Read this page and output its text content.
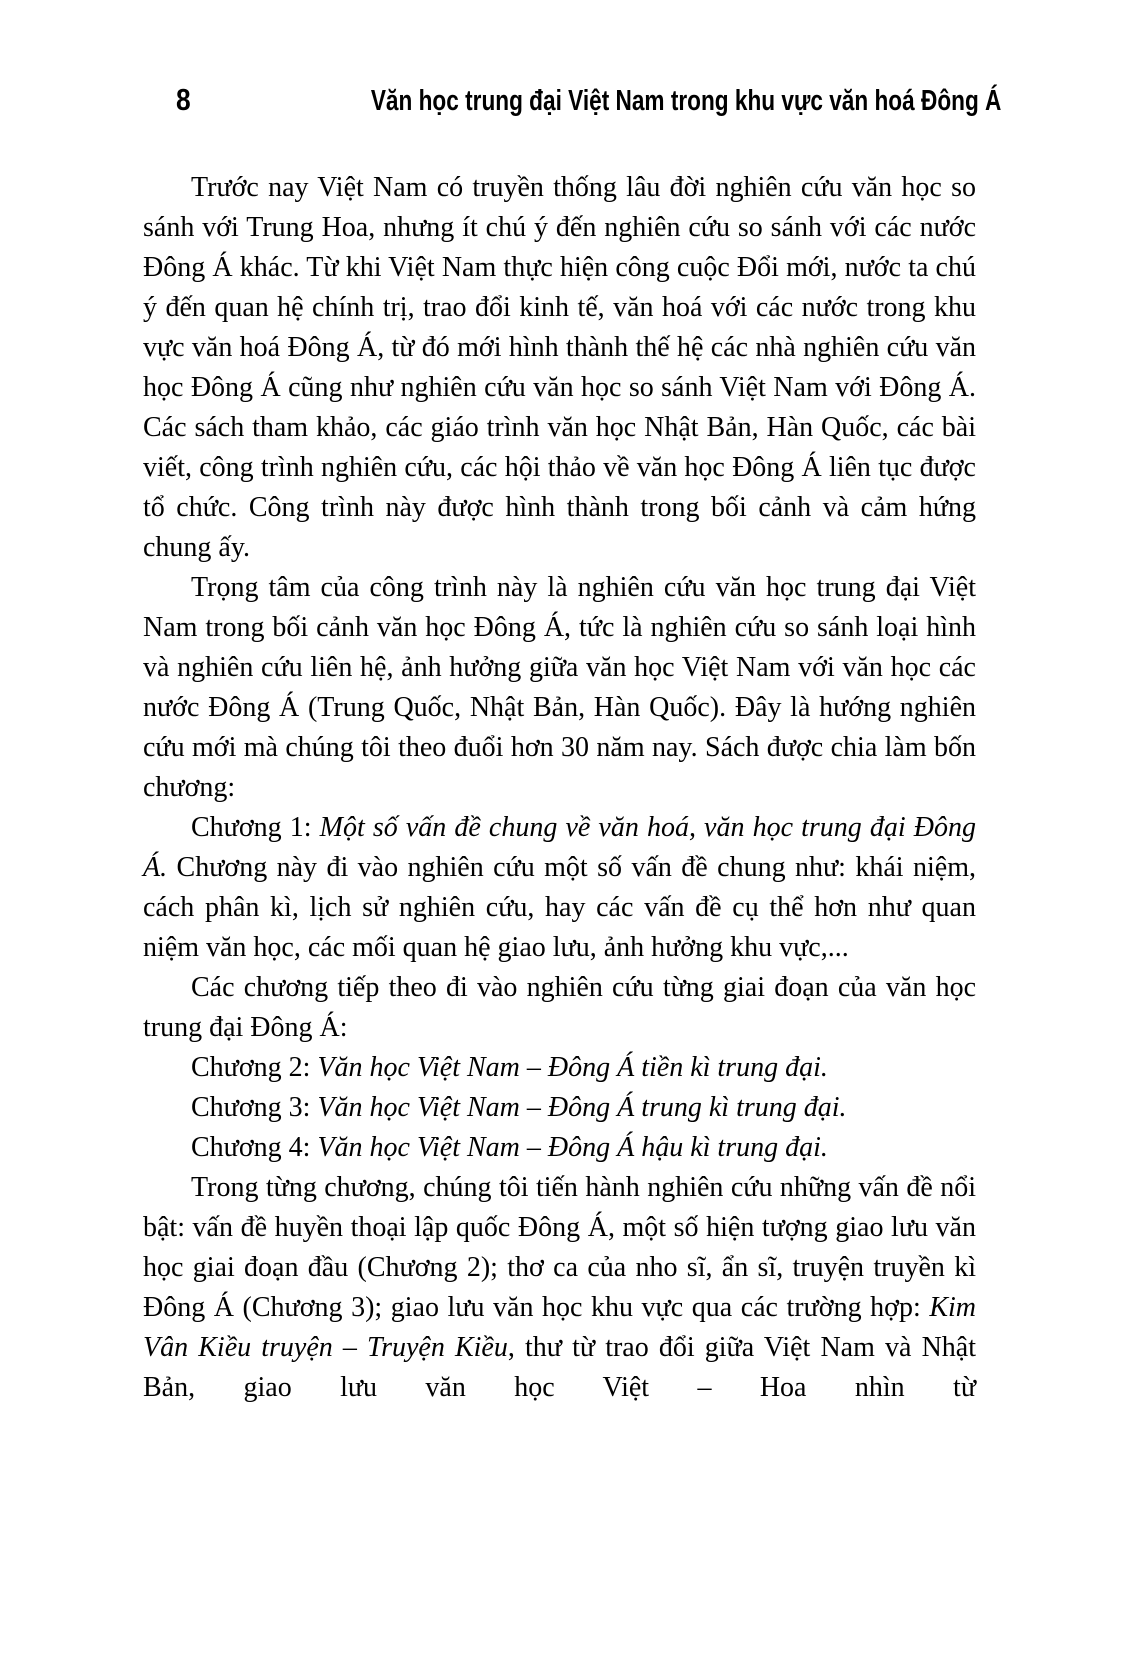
8	Văn học trung đại Việt Nam trong khu vực văn hoá Đông Á

Trước nay Việt Nam có truyền thống lâu đời nghiên cứu văn học so sánh với Trung Hoa, nhưng ít chú ý đến nghiên cứu so sánh với các nước Đông Á khác. Từ khi Việt Nam thực hiện công cuộc Đổi mới, nước ta chú ý đến quan hệ chính trị, trao đổi kinh tế, văn hoá với các nước trong khu vực văn hoá Đông Á, từ đó mới hình thành thế hệ các nhà nghiên cứu văn học Đông Á cũng như nghiên cứu văn học so sánh Việt Nam với Đông Á. Các sách tham khảo, các giáo trình văn học Nhật Bản, Hàn Quốc, các bài viết, công trình nghiên cứu, các hội thảo về văn học Đông Á liên tục được tổ chức. Công trình này được hình thành trong bối cảnh và cảm hứng chung ấy.

Trọng tâm của công trình này là nghiên cứu văn học trung đại Việt Nam trong bối cảnh văn học Đông Á, tức là nghiên cứu so sánh loại hình và nghiên cứu liên hệ, ảnh hưởng giữa văn học Việt Nam với văn học các nước Đông Á (Trung Quốc, Nhật Bản, Hàn Quốc). Đây là hướng nghiên cứu mới mà chúng tôi theo đuổi hơn 30 năm nay. Sách được chia làm bốn chương:

Chương 1: Một số vấn đề chung về văn hoá, văn học trung đại Đông Á. Chương này đi vào nghiên cứu một số vấn đề chung như: khái niệm, cách phân kì, lịch sử nghiên cứu, hay các vấn đề cụ thể hơn như quan niệm văn học, các mối quan hệ giao lưu, ảnh hưởng khu vực,...

Các chương tiếp theo đi vào nghiên cứu từng giai đoạn của văn học trung đại Đông Á:

Chương 2: Văn học Việt Nam – Đông Á tiền kì trung đại.

Chương 3: Văn học Việt Nam – Đông Á trung kì trung đại.

Chương 4: Văn học Việt Nam – Đông Á hậu kì trung đại.

Trong từng chương, chúng tôi tiến hành nghiên cứu những vấn đề nổi bật: vấn đề huyền thoại lập quốc Đông Á, một số hiện tượng giao lưu văn học giai đoạn đầu (Chương 2); thơ ca của nho sĩ, ẩn sĩ, truyện truyền kì Đông Á (Chương 3); giao lưu văn học khu vực qua các trường hợp: Kim Vân Kiều truyện – Truyện Kiều, thư từ trao đổi giữa Việt Nam và Nhật Bản, giao lưu văn học Việt – Hoa nhìn từ
